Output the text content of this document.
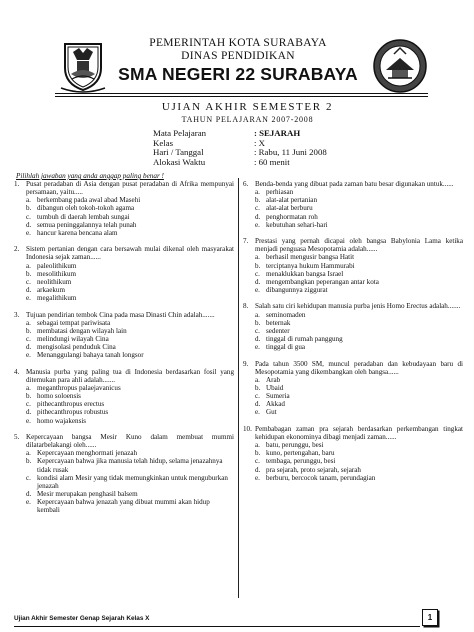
PEMERINTAH KOTA SURABAYA
DINAS PENDIDIKAN
SMA NEGERI 22 SURABAYA
UJIAN AKHIR SEMESTER 2
TAHUN PELAJARAN 2007-2008
Mata Pelajaran	: SEJARAH
Kelas	: X
Hari / Tanggal	: Rabu, 11 Juni 2008
Alokasi Waktu	: 60 menit
Pilihlah jawaban yang anda anggap paling benar !
1. Pusat peradaban di Asia dengan pusat peradaban di Afrika mempunyai persamaan, yaitu.....
a. berkembang pada awal abad Masehi
b. dibangun oleh tokoh-tokoh agama
c. tumbuh di daerah lembah sungai
d. semua peninggalannya telah punah
e. hancur karena bencana alam
2. Sistem pertanian dengan cara bersawah mulai dikenal oleh masyarakat Indonesia sejak zaman......
a. paleolithikum
b. mesolithikum
c. neolithikum
d. arkaekum
e. megalithikum
3. Tujuan pendirian tembok Cina pada masa Dinasti Chin adalah.......
a. sebagai tempat pariwisata
b. membatasi dengan wilayah lain
c. melindungi wilayah Cina
d. mengisolasi penduduk Cina
e. Menanggulangi bahaya tanah longsor
4. Manusia purba yang paling tua di Indonesia berdasarkan fosil yang ditemukan para ahli adalah.......
a. meganthropus palaejavanicus
b. homo soloensis
c. pithecanthropus erectus
d. pithecanthropus robustus
e. homo wajakensis
5. Kepercayaan bangsa Mesir Kuno dalam membuat mummi dilatarbelakangi oleh......
a. Kepercayaan menghormati jenazah
b. Kepercayaan bahwa jika manusia telah hidup, selama jenazahnya tidak rusak
c. kondisi alam Mesir yang tidak memungkinkan untuk menguburkan jenazah
d. Mesir merupakan penghasil balsem
e. Kepercayaan bahwa jenazah yang dibuat mummi akan hidup kembali
6. Benda-benda yang dibuat pada zaman batu besar digunakan untuk......
a. perhiasan
b. alat-alat pertanian
c. alat-alat berburu
d. penghormatan roh
e. kebutuhan sehari-hari
7. Prestasi yang pernah dicapai oleh bangsa Babylonia Lama ketika menjadi penguasa Mesopotamia adalah......
a. berhasil mengusir bangsa Hatit
b. terciptanya hukum Hammurabi
c. menaklukkan bangsa Israel
d. mengembangkan peperangan antar kota
e. dibangunnya ziggurat
8. Salah satu ciri kehidupan manusia purba jenis Homo Erectus adalah.......
a. seminomaden
b. beternak
c. sedenter
d. tinggal di rumah panggung
e. tinggal di gua
9. Pada tahun 3500 SM, muncul peradaban dan kebudayaan baru di Mesopotamia yang dikembangkan oleh bangsa......
a. Arab
b. Ubaid
c. Sumeria
d. Akkad
e. Gut
10. Pembabagan zaman pra sejarah berdasarkan perkembangan tingkat kehidupan ekonominya dibagi menjadi zaman......
a. batu, perunggu, besi
b. kuno, pertengahan, baru
c. tembaga, perunggu, besi
d. pra sejarah, proto sejarah, sejarah
e. berburu, bercocok tanam, perundagian
Ujian Akhir Semester Genap Sejarah Kelas X	1
